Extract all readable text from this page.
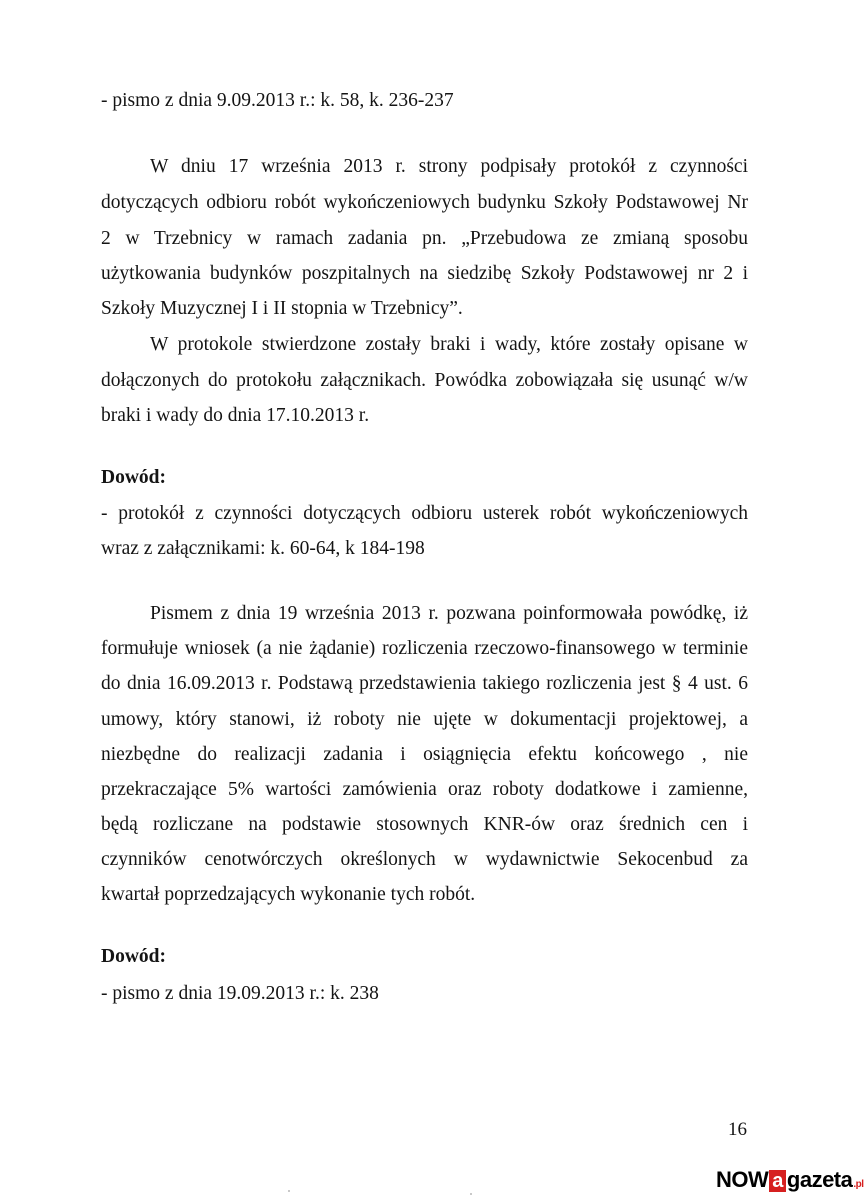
- pismo z dnia 9.09.2013 r.: k. 58, k. 236-237
W dniu 17 września 2013 r. strony podpisały protokół z czynności
dotyczących odbioru robót wykończeniowych budynku Szkoły Podstawowej Nr
2 w Trzebnicy w ramach zadania pn. „Przebudowa ze zmianą sposobu
użytkowania budynków poszpitalnych na siedzibę Szkoły Podstawowej nr 2 i
Szkoły Muzycznej I i II stopnia w Trzebnicy”.
W protokole stwierdzone zostały braki i wady, które zostały opisane w
dołączonych do protokołu załącznikach. Powódka zobowiązała się usunąć w/w
braki i wady do dnia 17.10.2013 r.
Dowód:
- protokół z czynności dotyczących odbioru usterek robót wykończeniowych
wraz z załącznikami: k. 60-64, k 184-198
Pismem z dnia 19 września 2013 r. pozwana poinformowała powódkę, iż
formułuje wniosek (a nie żądanie) rozliczenia rzeczowo-finansowego w terminie
do dnia 16.09.2013 r. Podstawą przedstawienia takiego rozliczenia jest § 4 ust. 6
umowy, który stanowi, iż roboty nie ujęte w dokumentacji projektowej, a
niezbędne do realizacji zadania i osiągnięcia efektu końcowego , nie
przekraczające 5% wartości zamówienia oraz roboty dodatkowe i zamienne,
będą rozliczane na podstawie stosownych KNR-ów oraz średnich cen i
czynników cenotwórczych określonych w wydawnictwie Sekocenbud za
kwartał poprzedzających wykonanie tych robót.
Dowód:
- pismo z dnia 19.09.2013 r.: k. 238
16
NOW a gazeta .pl
